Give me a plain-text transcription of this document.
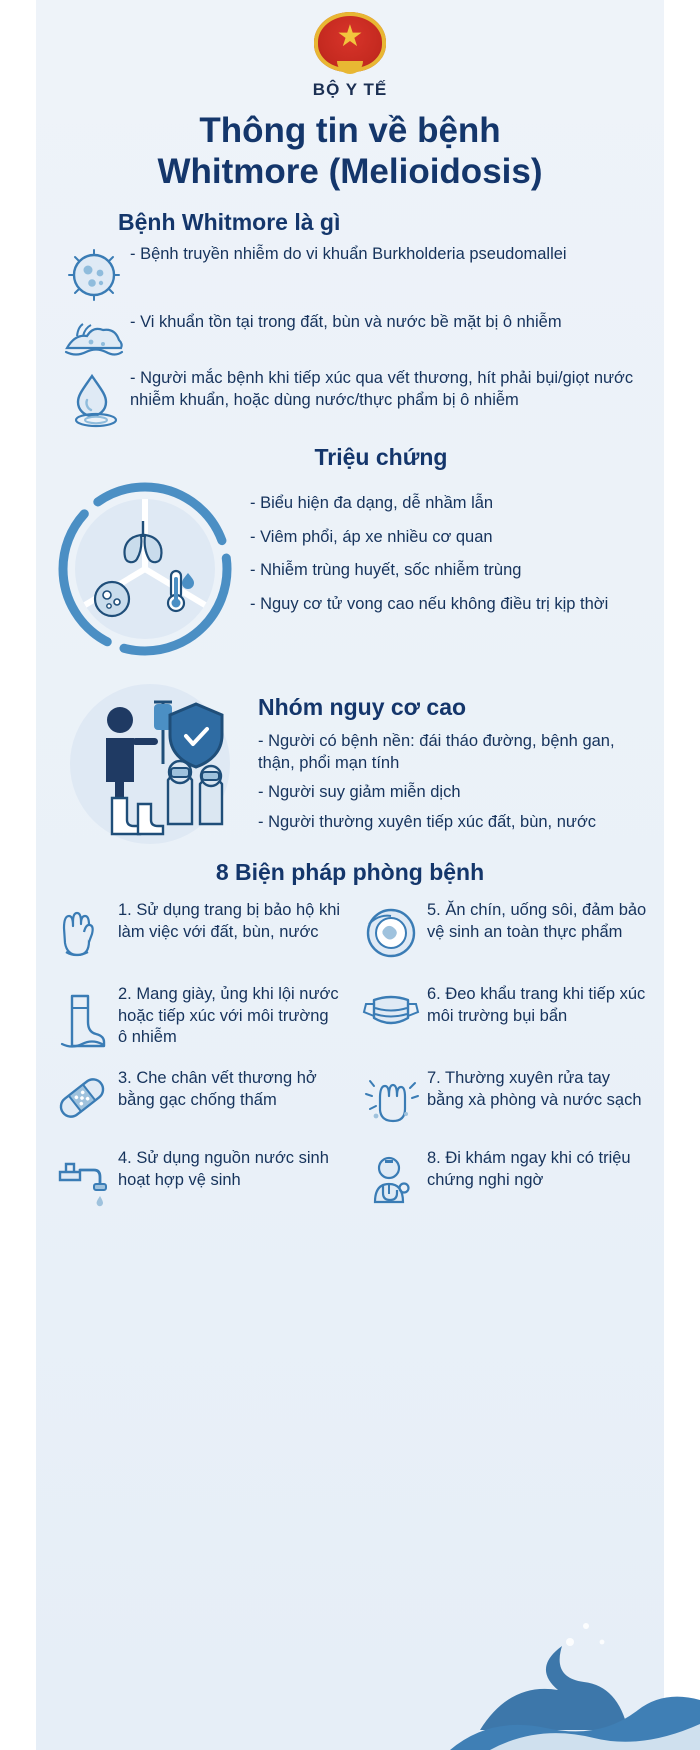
★
BỘ Y TẾ
Thông tin về bệnh
Whitmore (Melioidosis)
Bệnh Whitmore là gì
- Bệnh truyền nhiễm do vi khuẩn Burkholderia pseudomallei
- Vi khuẩn tồn tại trong đất, bùn và nước bề mặt bị ô nhiễm
- Người mắc bệnh khi tiếp xúc qua vết thương, hít phải bụi/giọt nước nhiễm khuẩn, hoặc dùng nước/thực phẩm bị ô nhiễm
Triệu chứng

- Biểu hiện đa dạng, dễ nhầm lẫn

- Viêm phổi, áp xe nhiều cơ quan

- Nhiễm trùng huyết, sốc nhiễm trùng

- Nguy cơ tử vong cao nếu không điều trị kịp thời

Nhóm nguy cơ cao

- Người có bệnh nền: đái tháo đường, bệnh gan, thận, phổi mạn tính

- Người suy giảm miễn dịch

- Người thường xuyên tiếp xúc đất, bùn, nước

8 Biện pháp phòng bệnh
1. Sử dụng trang bị bảo hộ khi làm việc với đất, bùn, nước
5. Ăn chín, uống sôi, đảm bảo vệ sinh an toàn thực phẩm
2. Mang giày, ủng khi lội nước hoặc tiếp xúc với môi trường ô nhiễm
6. Đeo khẩu trang khi tiếp xúc môi trường bụi bẩn
3. Che chân vết thương hở bằng gạc chống thấm
7. Thường xuyên rửa tay bằng xà phòng và nước sạch
4. Sử dụng nguồn nước sinh hoạt hợp vệ sinh
8. Đi khám ngay khi có triệu chứng nghi ngờ
